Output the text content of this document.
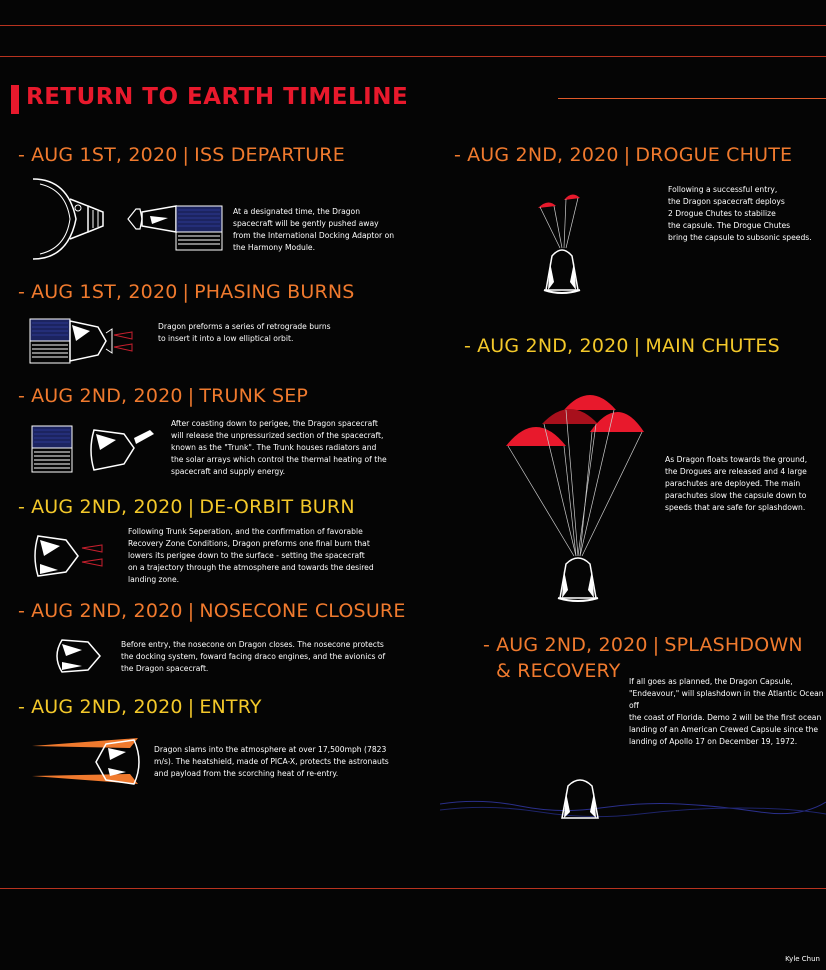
RETURN TO EARTH TIMELINE
- AUG 1ST, 2020 | ISS DEPARTURE
At a designated time, the Dragon
spacecraft will be gently pushed away
from the International Docking Adaptor on
the Harmony Module.
- AUG 1ST, 2020 | PHASING BURNS
Dragon preforms a series of retrograde burns
to insert it into a low elliptical orbit.
- AUG 2ND, 2020 | TRUNK SEP
After coasting down to perigee, the Dragon spacecraft
will release the unpressurized section of the spacecraft,
known as the "Trunk". The Trunk houses radiators and
the solar arrays which control the thermal heating of the
spacecraft and supply energy.
- AUG 2ND, 2020 | DE-ORBIT BURN
Following Trunk Seperation, and the confirmation of favorable
Recovery Zone Conditions, Dragon preforms one final burn that
lowers its perigee down to the surface - setting the spacecraft
on a trajectory through the atmosphere and towards the desired
landing zone.
- AUG 2ND, 2020 | NOSECONE CLOSURE
Before entry, the nosecone on Dragon closes. The nosecone protects
the docking system, foward facing draco engines, and the avionics of
the Dragon spacecraft.
- AUG 2ND, 2020 | ENTRY
Dragon slams into the atmosphere at over 17,500mph (7823
m/s). The heatshield, made of PICA-X, protects the astronauts
and payload from the scorching heat of re-entry.
- AUG 2ND, 2020 | DROGUE CHUTE
Following a successful entry,
the Dragon spacecraft deploys
2 Drogue Chutes to stabilize
the capsule. The Drogue Chutes
bring the capsule to subsonic speeds.
- AUG 2ND, 2020 | MAIN CHUTES
As Dragon floats towards the ground,
the Drogues are released and 4 large
parachutes are deployed. The main
parachutes slow the capsule down to
speeds that are safe for splashdown.
- AUG 2ND, 2020 | SPLASHDOWN
& RECOVERY If all goes as planned, the Dragon Capsule,
"Endeavour," will splashdown in the Atlantic Ocean off
the coast of Florida. Demo 2 will be the first ocean
landing of an American Crewed Capsule since the
landing of Apollo 17 on December 19, 1972.
Kyle Chun
